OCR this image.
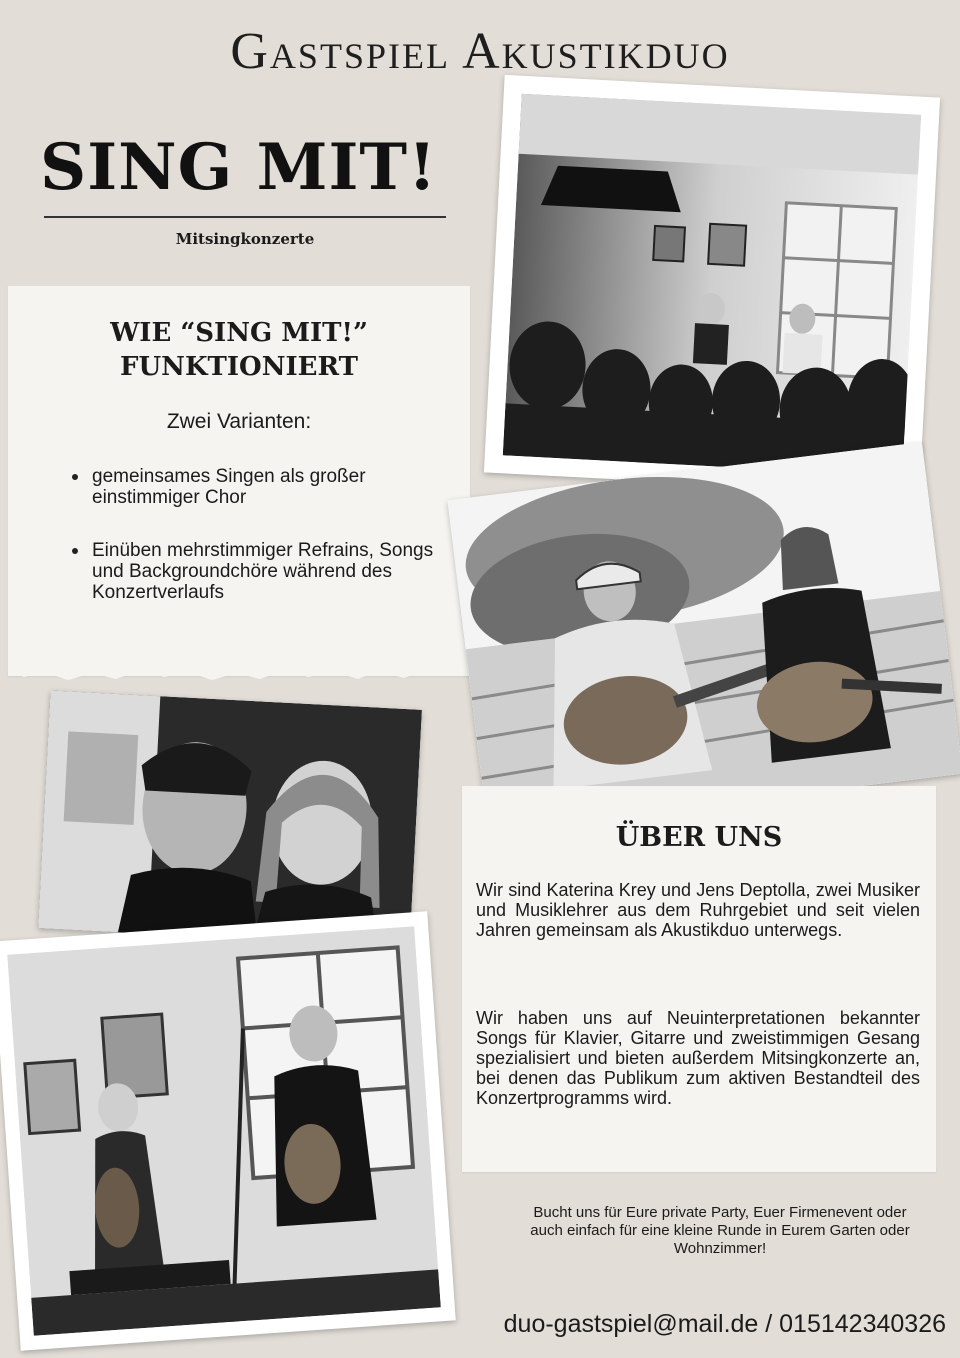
Gastspiel Akustikduo
SING MIT!
Mitsingkonzerte
WIE “SING MIT!”
FUNKTIONIERT
Zwei Varianten:
gemeinsames Singen als großer einstimmiger Chor
Einüben mehrstimmiger Refrains, Songs und Backgroundchöre während des Konzertverlaufs
ÜBER UNS

Wir sind Katerina Krey und Jens Deptolla, zwei Musiker und Musiklehrer aus dem Ruhrgebiet und seit vielen Jahren gemeinsam als Akustikduo unterwegs.

Wir haben uns auf Neuinterpretationen bekannter Songs für Klavier, Gitarre und zweistimmigen Gesang spezialisiert und bieten außerdem Mitsingkonzerte an, bei denen das Publikum zum aktiven Bestandteil des Konzertprogramms wird.

Bucht uns für Eure private Party, Euer Firmenevent oder auch einfach für eine kleine Runde in Eurem Garten oder Wohnzimmer!
duo-gastspiel@mail.de / 015142340326
